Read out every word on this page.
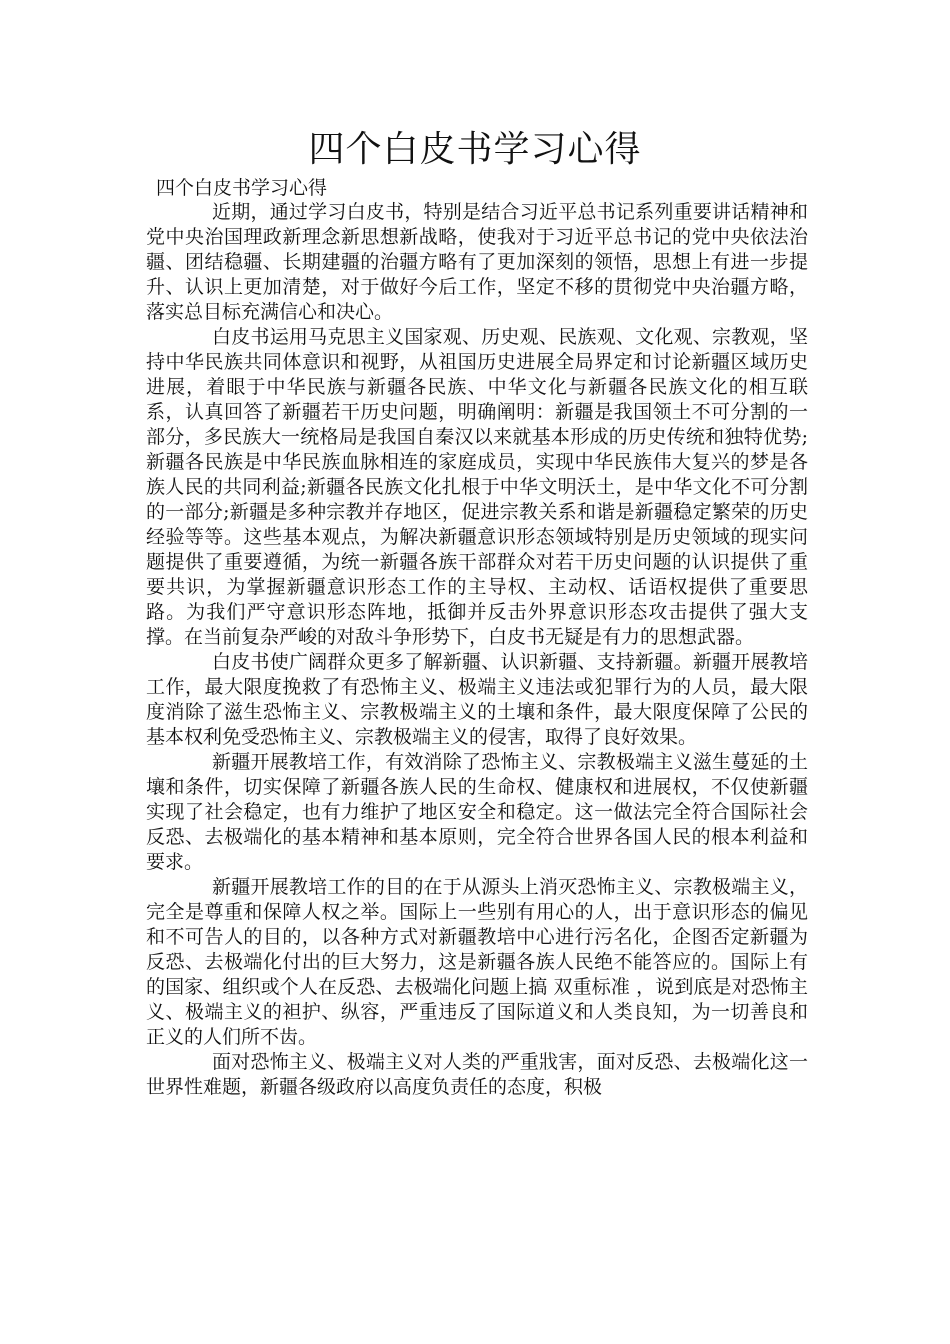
四个白皮书学习心得
四个白皮书学习心得

近期，通过学习白皮书，特别是结合习近平总书记系列重要讲话精神和党中央治国理政新理念新思想新战略，使我对于习近平总书记的党中央依法治疆、团结稳疆、长期建疆的治疆方略有了更加深刻的领悟，思想上有进一步提升、认识上更加清楚，对于做好今后工作，坚定不移的贯彻党中央治疆方略，落实总目标充满信心和决心。

白皮书运用马克思主义国家观、历史观、民族观、文化观、宗教观，坚持中华民族共同体意识和视野，从祖国历史进展全局界定和讨论新疆区域历史进展，着眼于中华民族与新疆各民族、中华文化与新疆各民族文化的相互联系，认真回答了新疆若干历史问题，明确阐明：新疆是我国领土不可分割的一部分，多民族大一统格局是我国自秦汉以来就基本形成的历史传统和独特优势;新疆各民族是中华民族血脉相连的家庭成员，实现中华民族伟大复兴的梦是各族人民的共同利益;新疆各民族文化扎根于中华文明沃土，是中华文化不可分割的一部分;新疆是多种宗教并存地区，促进宗教关系和谐是新疆稳定繁荣的历史经验等等。这些基本观点，为解决新疆意识形态领域特别是历史领域的现实问题提供了重要遵循，为统一新疆各族干部群众对若干历史问题的认识提供了重要共识，为掌握新疆意识形态工作的主导权、主动权、话语权提供了重要思路。为我们严守意识形态阵地，抵御并反击外界意识形态攻击提供了强大支撑。在当前复杂严峻的对敌斗争形势下，白皮书无疑是有力的思想武器。

白皮书使广阔群众更多了解新疆、认识新疆、支持新疆。新疆开展教培工作，最大限度挽救了有恐怖主义、极端主义违法或犯罪行为的人员，最大限度消除了滋生恐怖主义、宗教极端主义的土壤和条件，最大限度保障了公民的基本权利免受恐怖主义、宗教极端主义的侵害，取得了良好效果。

新疆开展教培工作，有效消除了恐怖主义、宗教极端主义滋生蔓延的土壤和条件，切实保障了新疆各族人民的生命权、健康权和进展权，不仅使新疆实现了社会稳定，也有力维护了地区安全和稳定。这一做法完全符合国际社会反恐、去极端化的基本精神和基本原则，完全符合世界各国人民的根本利益和要求。

新疆开展教培工作的目的在于从源头上消灭恐怖主义、宗教极端主义，完全是尊重和保障人权之举。国际上一些别有用心的人，出于意识形态的偏见和不可告人的目的，以各种方式对新疆教培中心进行污名化，企图否定新疆为反恐、去极端化付出的巨大努力，这是新疆各族人民绝不能答应的。国际上有的国家、组织或个人在反恐、去极端化问题上搞 双重标准 ，说到底是对恐怖主义、极端主义的袒护、纵容，严重违反了国际道义和人类良知，为一切善良和正义的人们所不齿。

面对恐怖主义、极端主义对人类的严重戕害，面对反恐、去极端化这一世界性难题，新疆各级政府以高度负责任的态度，积极
